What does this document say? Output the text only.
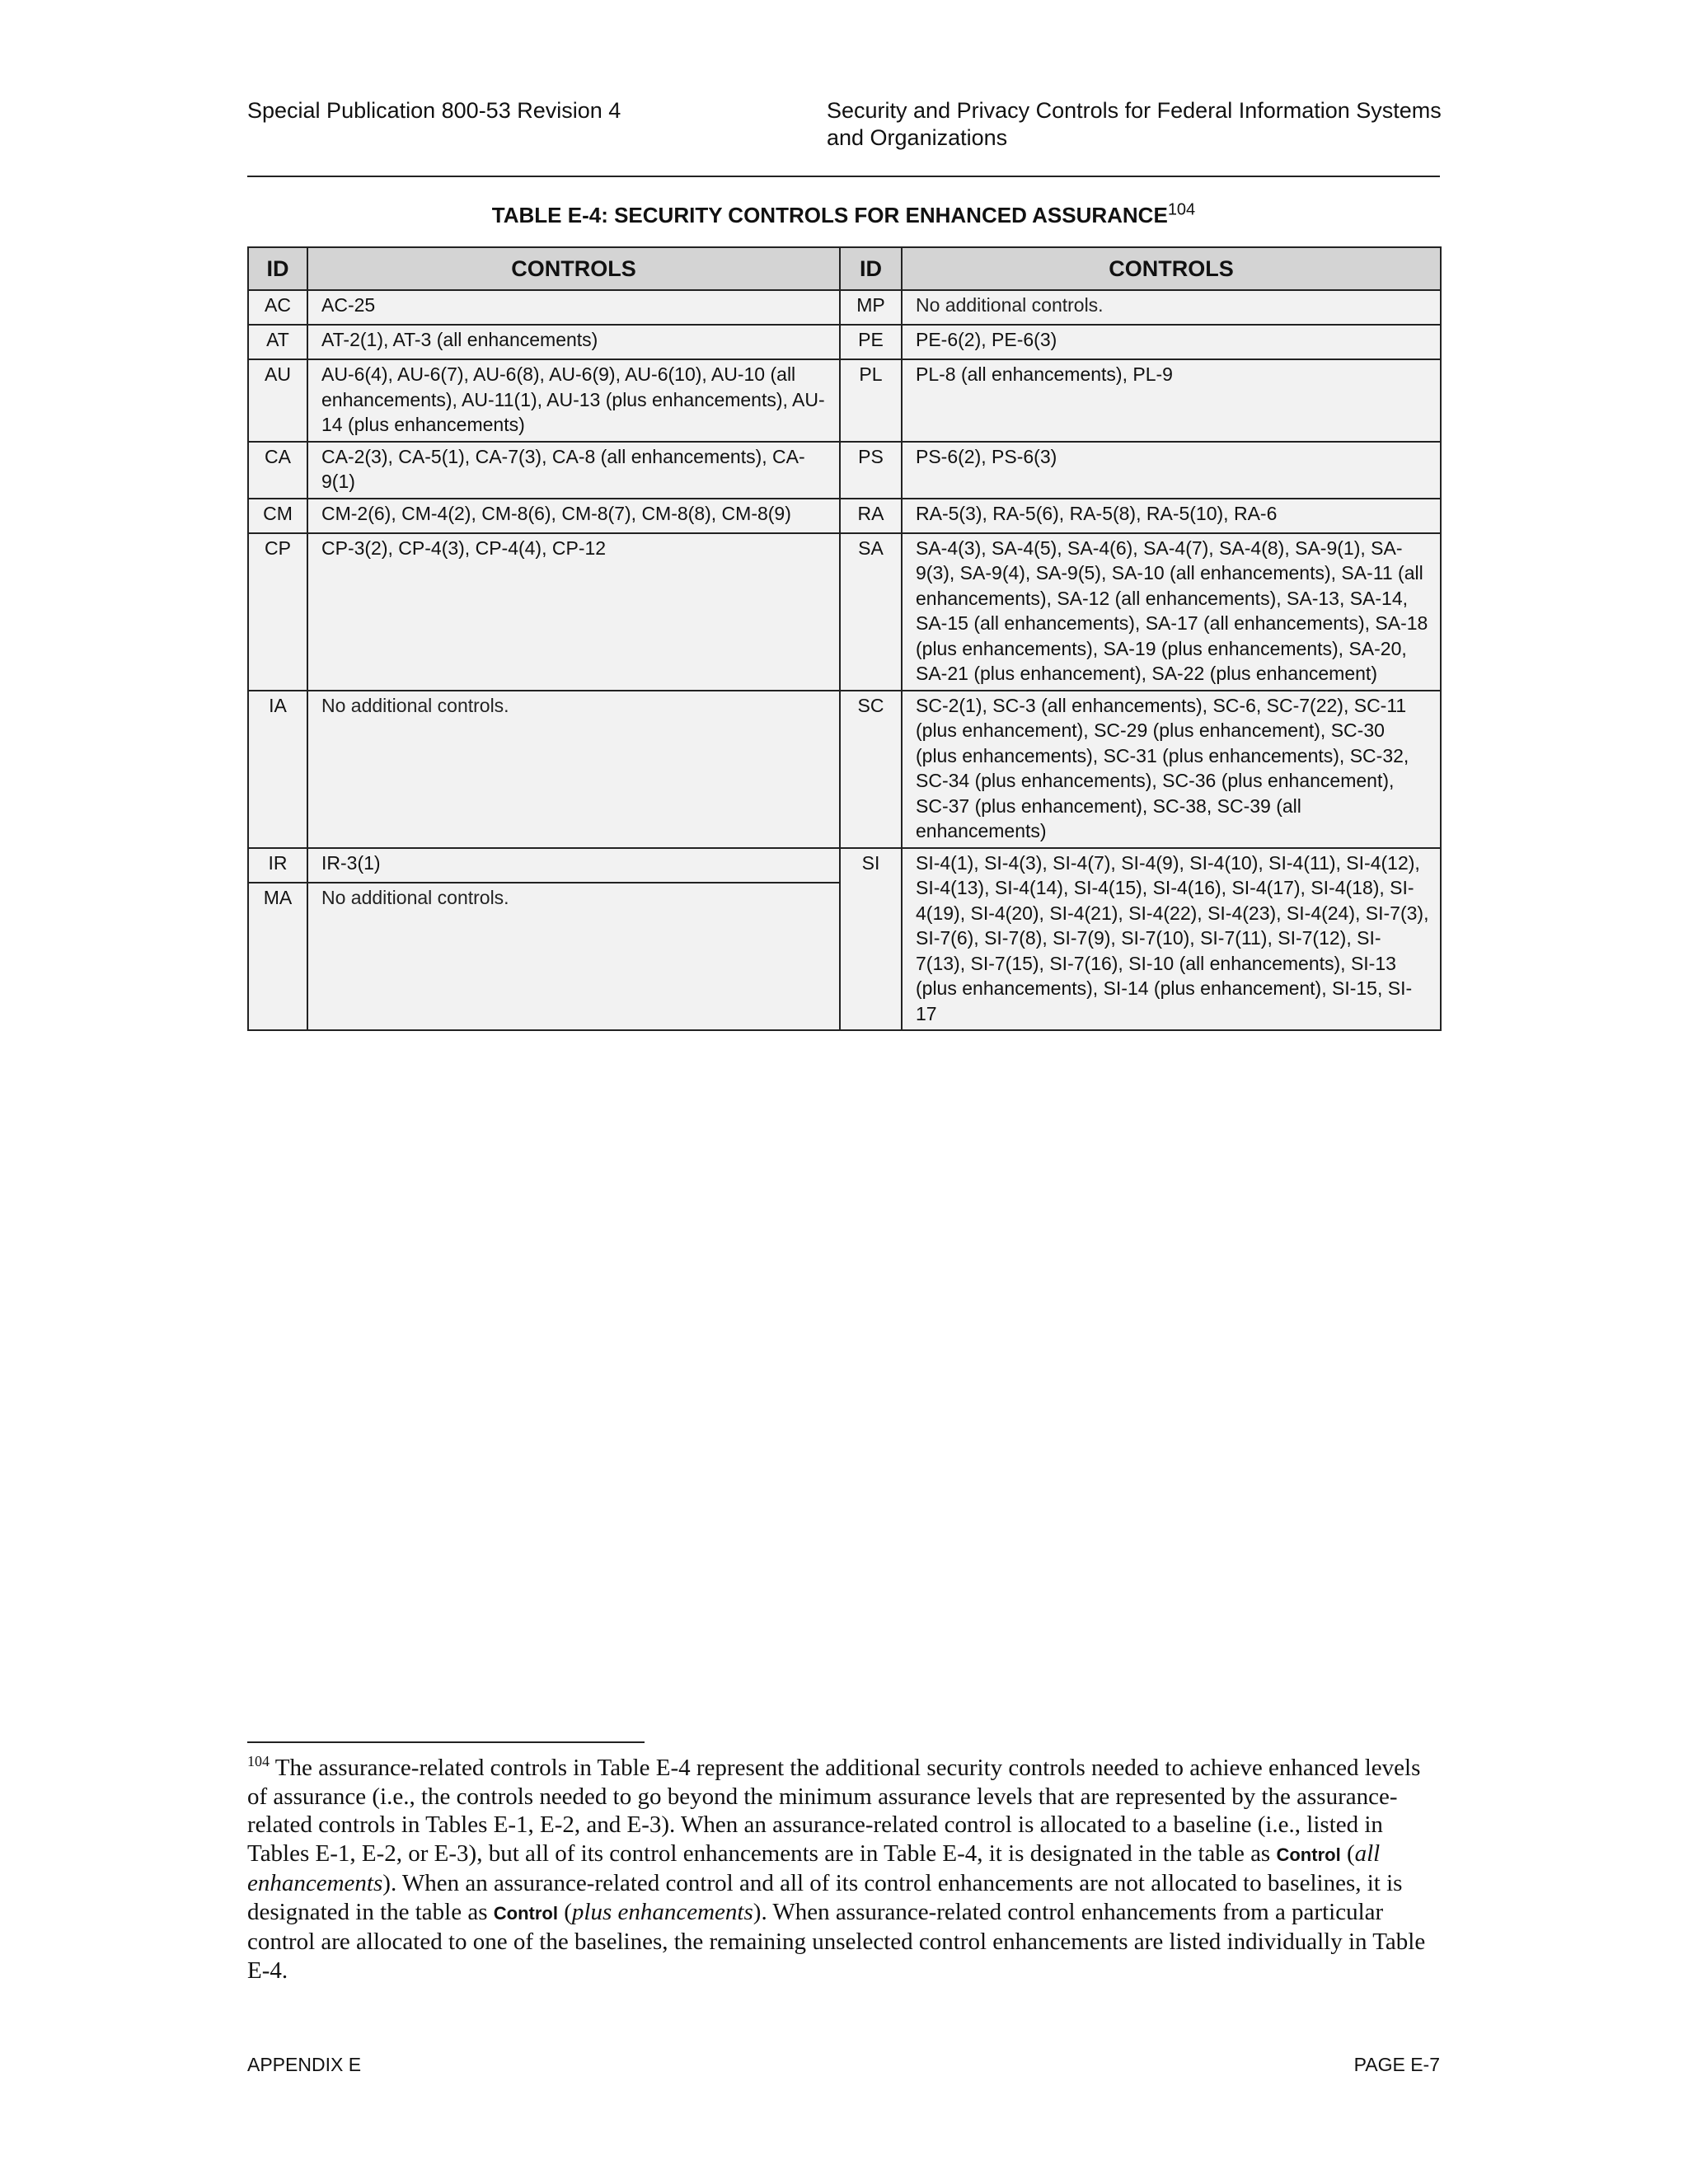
Special Publication 800-53 Revision 4	Security and Privacy Controls for Federal Information Systems and Organizations
TABLE E-4: SECURITY CONTROLS FOR ENHANCED ASSURANCE$^{104}$
ID	CONTROLS	ID	CONTROLS
AC	AC-25	MP	No additional controls.
AT	AT-2(1), AT-3 (all enhancements)	PE	PE-6(2), PE-6(3)
AU	AU-6(4), AU-6(7), AU-6(8), AU-6(9), AU-6(10), AU-10 (all enhancements), AU-11(1), AU-13 (plus enhancements), AU-14 (plus enhancements)	PL	PL-8 (all enhancements), PL-9
CA	CA-2(3), CA-5(1), CA-7(3), CA-8 (all enhancements), CA-9(1)	PS	PS-6(2), PS-6(3)
CM	CM-2(6), CM-4(2), CM-8(6), CM-8(7), CM-8(8), CM-8(9)	RA	RA-5(3), RA-5(6), RA-5(8), RA-5(10), RA-6
CP	CP-3(2), CP-4(3), CP-4(4), CP-12	SA	SA-4(3), SA-4(5), SA-4(6), SA-4(7), SA-4(8), SA-9(1), SA-9(3), SA-9(4), SA-9(5), SA-10 (all enhancements), SA-11 (all enhancements), SA-12 (all enhancements), SA-13, SA-14, SA-15 (all enhancements), SA-17 (all enhancements), SA-18 (plus enhancements), SA-19 (plus enhancements), SA-20, SA-21 (plus enhancement), SA-22 (plus enhancement)
IA	No additional controls.	SC	SC-2(1), SC-3 (all enhancements), SC-6, SC-7(22), SC-11 (plus enhancement), SC-29 (plus enhancement), SC-30 (plus enhancements), SC-31 (plus enhancements), SC-32, SC-34 (plus enhancements), SC-36 (plus enhancement), SC-37 (plus enhancement), SC-38, SC-39 (all enhancements)
IR	IR-3(1)	SI	SI-4(1), SI-4(3), SI-4(7), SI-4(9), SI-4(10), SI-4(11), SI-4(12), SI-4(13), SI-4(14), SI-4(15), SI-4(16), SI-4(17), SI-4(18), SI-4(19), SI-4(20), SI-4(21), SI-4(22), SI-4(23), SI-4(24), SI-7(3), SI-7(6), SI-7(8), SI-7(9), SI-7(10), SI-7(11), SI-7(12), SI-7(13), SI-7(15), SI-7(16), SI-10 (all enhancements), SI-13 (plus enhancements), SI-14 (plus enhancement), SI-15, SI-17
MA	No additional controls.		
$^{104}$ The assurance-related controls in Table E-4 represent the additional security controls needed to achieve enhanced levels of assurance (i.e., the controls needed to go beyond the minimum assurance levels that are represented by the assurance-related controls in Tables E-1, E-2, and E-3). When an assurance-related control is allocated to a baseline (i.e., listed in Tables E-1, E-2, or E-3), but all of its control enhancements are in Table E-4, it is designated in the table as Control (all enhancements). When an assurance-related control and all of its control enhancements are not allocated to baselines, it is designated in the table as Control (plus enhancements). When assurance-related control enhancements from a particular control are allocated to one of the baselines, the remaining unselected control enhancements are listed individually in Table E-4.
APPENDIX E	PAGE E-7
